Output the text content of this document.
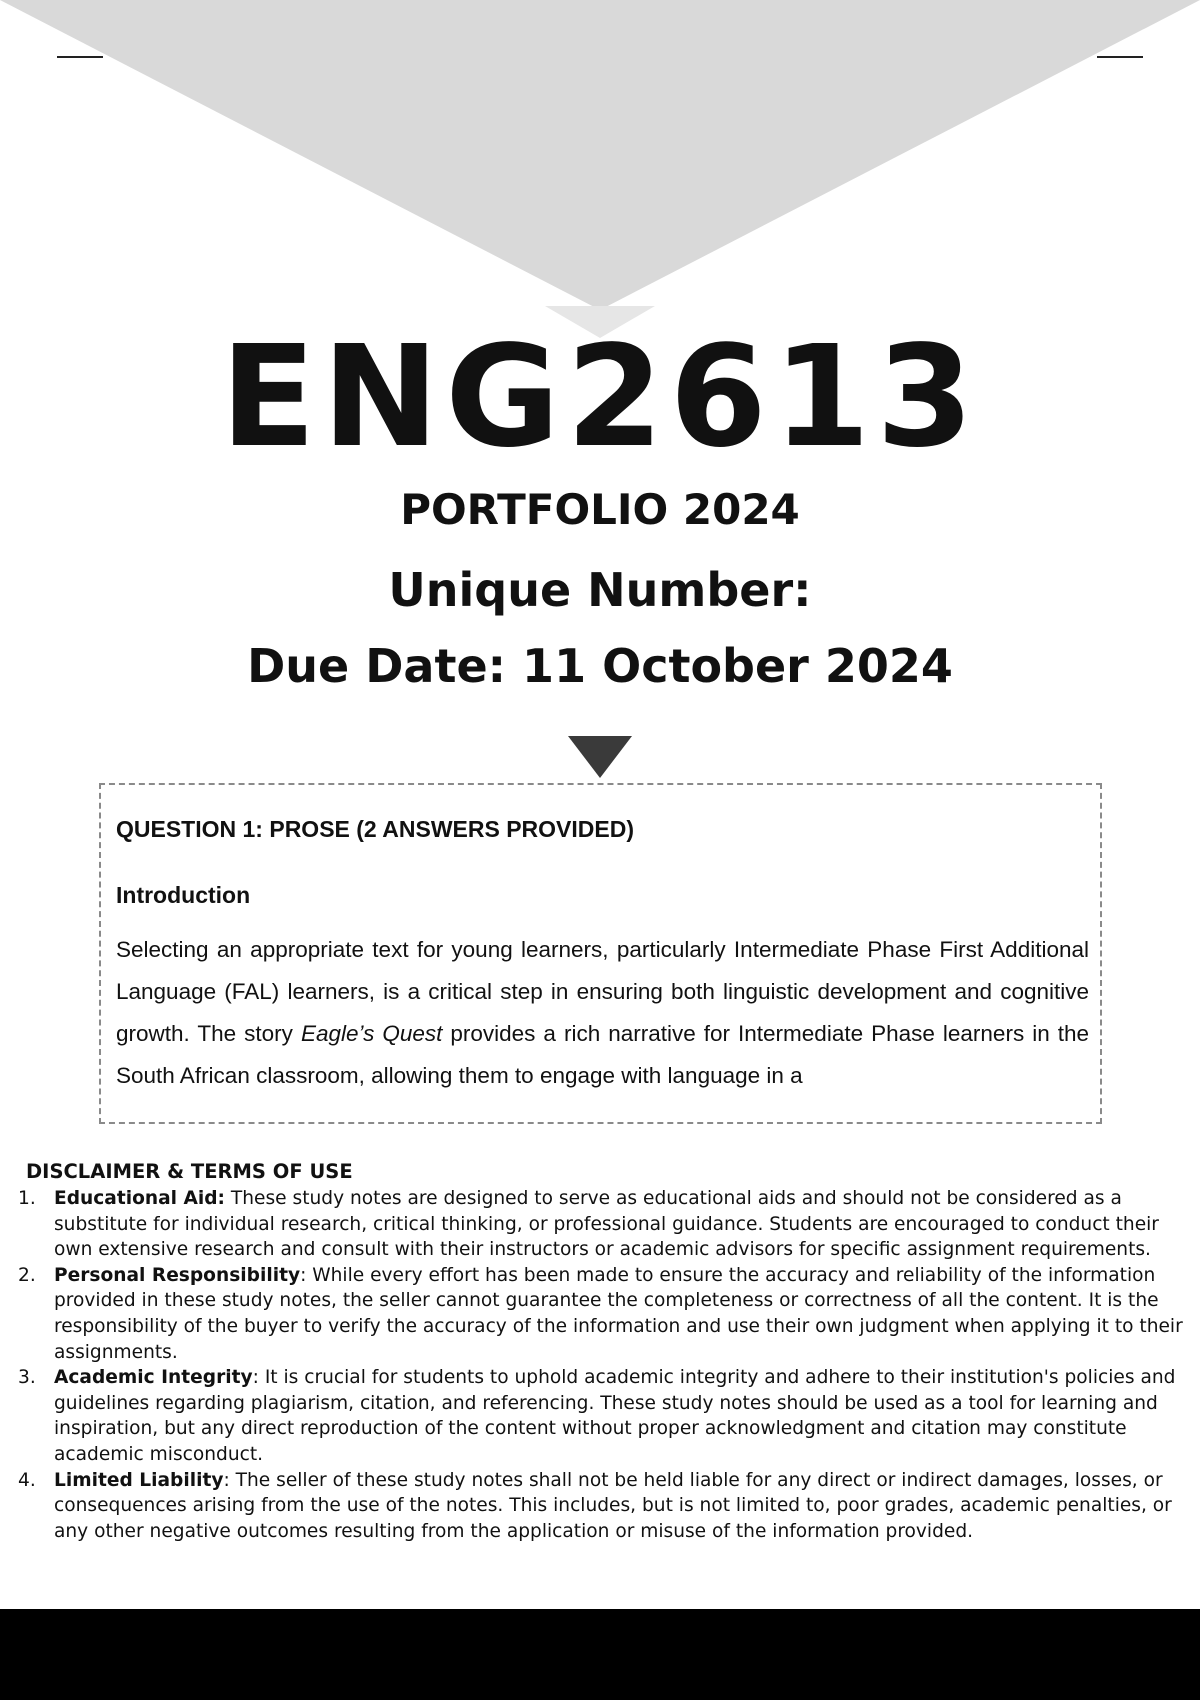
ENG2613
PORTFOLIO 2024
Unique Number:
Due Date: 11 October 2024
QUESTION 1: PROSE (2 ANSWERS PROVIDED)
Introduction
Selecting an appropriate text for young learners, particularly Intermediate Phase First Additional Language (FAL) learners, is a critical step in ensuring both linguistic development and cognitive growth. The story Eagle’s Quest provides a rich narrative for Intermediate Phase learners in the South African classroom, allowing them to engage with language in a
DISCLAIMER & TERMS OF USE
1. Educational Aid: These study notes are designed to serve as educational aids and should not be considered as a substitute for individual research, critical thinking, or professional guidance. Students are encouraged to conduct their own extensive research and consult with their instructors or academic advisors for specific assignment requirements.
2. Personal Responsibility: While every effort has been made to ensure the accuracy and reliability of the information provided in these study notes, the seller cannot guarantee the completeness or correctness of all the content. It is the responsibility of the buyer to verify the accuracy of the information and use their own judgment when applying it to their assignments.
3. Academic Integrity: It is crucial for students to uphold academic integrity and adhere to their institution's policies and guidelines regarding plagiarism, citation, and referencing. These study notes should be used as a tool for learning and inspiration, but any direct reproduction of the content without proper acknowledgment and citation may constitute academic misconduct.
4. Limited Liability: The seller of these study notes shall not be held liable for any direct or indirect damages, losses, or consequences arising from the use of the notes. This includes, but is not limited to, poor grades, academic penalties, or any other negative outcomes resulting from the application or misuse of the information provided.
